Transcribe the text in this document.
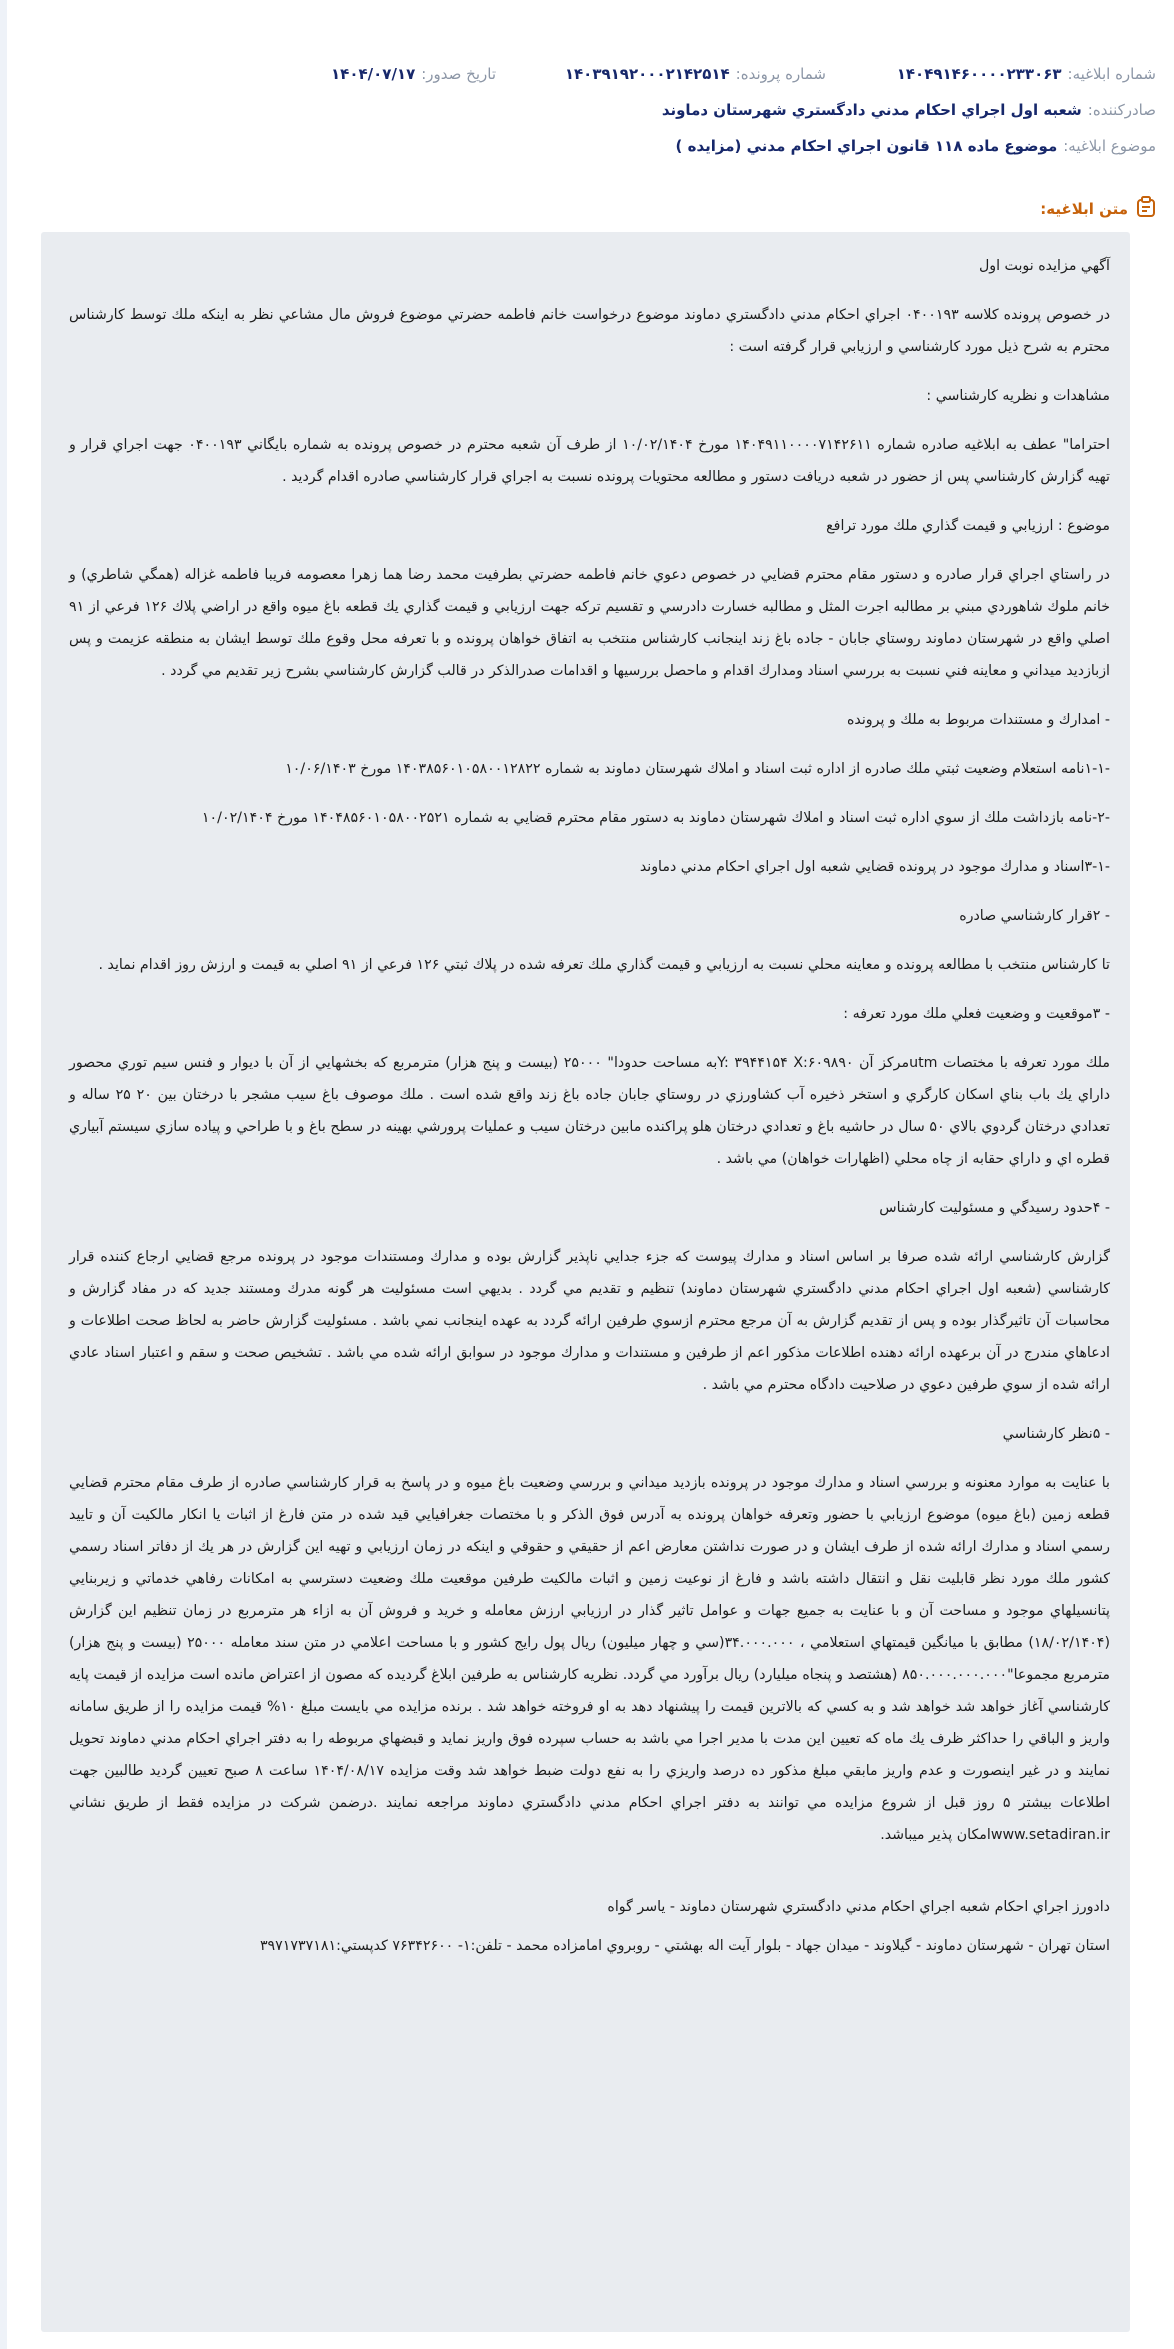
شماره ابلاغيه:
۱۴۰۴۹۱۴۶۰۰۰۰۲۳۳۰۶۳
شماره پرونده:
۱۴۰۳۹۱۹۲۰۰۰۲۱۴۲۵۱۴
تاريخ صدور:
۱۴۰۴/۰۷/۱۷
صادركننده:
شعبه اول اجراي احكام مدني دادگستري شهرستان دماوند
موضوع ابلاغيه:
موضوع ماده ۱۱۸ قانون اجراي احكام مدني (مزايده )
متن ابلاغيه:

آگهي مزايده نوبت اول

در خصوص پرونده كلاسه ۰۴۰۰۱۹۳ اجراي احكام مدني دادگستري دماوند موضوع درخواست خانم فاطمه حضرتي موضوع فروش مال مشاعي نظر به اينكه ملك توسط كارشناس محترم به شرح ذيل مورد كارشناسي و ارزيابي قرار گرفته است :

مشاهدات و نظريه كارشناسي :

احتراما" عطف به ابلاغيه صادره شماره ۱۴۰۴۹۱۱۰۰۰۰۷۱۴۲۶۱۱ مورخ ۱۰/۰۲/۱۴۰۴ از طرف آن شعبه محترم در خصوص پرونده به شماره بايگاني ۰۴۰۰۱۹۳ جهت اجراي قرار و تهيه گزارش كارشناسي پس از حضور در شعبه دريافت دستور و مطالعه محتويات پرونده نسبت به اجراي قرار كارشناسي صادره اقدام گرديد .

موضوع : ارزيابي و قيمت گذاري ملك مورد ترافع

در راستاي اجراي قرار صادره و دستور مقام محترم قضايي در خصوص دعوي خانم فاطمه حضرتي بطرفيت محمد رضا هما زهرا معصومه فريبا فاطمه غزاله (همگي شاطري) و خانم ملوك شاهوردي مبني بر مطالبه اجرت المثل و مطالبه خسارت دادرسي و تقسيم تركه جهت ارزيابي و قيمت گذاري يك قطعه باغ ميوه واقع در اراضي پلاك ۱۲۶ فرعي از ۹۱ اصلي واقع در شهرستان دماوند روستاي جابان - جاده باغ زند اينجانب كارشناس منتخب به اتفاق خواهان پرونده و با تعرفه محل وقوع ملك توسط ايشان به منطقه عزيمت و پس ازبازديد ميداني و معاينه فني نسبت به بررسي اسناد ومدارك اقدام و ماحصل بررسيها و اقدامات صدرالذكر در قالب گزارش كارشناسي بشرح زير تقديم مي گردد .

- امدارك و مستندات مربوط به ملك و پرونده

-۱-۱نامه استعلام وضعيت ثبتي ملك صادره از اداره ثبت اسناد و املاك شهرستان دماوند به شماره ۱۴۰۳۸۵۶۰۱۰۵۸۰۰۱۲۸۲۲ مورخ ۱۰/۰۶/۱۴۰۳

-۲-نامه بازداشت ملك از سوي اداره ثبت اسناد و املاك شهرستان دماوند به دستور مقام محترم قضايي به شماره ۱۴۰۴۸۵۶۰۱۰۵۸۰۰۲۵۲۱ مورخ ۱۰/۰۲/۱۴۰۴

-۳-۱اسناد و مدارك موجود در پرونده قضايي شعبه اول اجراي احكام مدني دماوند

- ۲قرار كارشناسي صادره

تا كارشناس منتخب با مطالعه پرونده و معاينه محلي نسبت به ارزيابي و قيمت گذاري ملك تعرفه شده در پلاك ثبتي ۱۲۶ فرعي از ۹۱ اصلي به قيمت و ارزش روز اقدام نمايد .

- ۳موقعيت و وضعيت فعلي ملك مورد تعرفه :

ملك مورد تعرفه با مختصات utmمركز آن Y: ۳۹۴۴۱۵۴ X:۶۰۹۸۹۰به مساحت حدودا" ۲۵۰۰۰ (بيست و پنج هزار) مترمربع كه بخشهايي از آن با ديوار و فنس سيم توري محصور داراي يك باب بناي اسكان كارگري و استخر ذخيره آب كشاورزي در روستاي جابان جاده باغ زند واقع شده است . ملك موصوف باغ سيب مشجر با درختان بين ۲۰ ۲۵ ساله و تعدادي درختان گردوي بالاي ۵۰ سال در حاشيه باغ و تعدادي درختان هلو پراكنده مابين درختان سيب و عمليات پرورشي بهينه در سطح باغ و با طراحي و پياده سازي سيستم آبياري قطره اي و داراي حقابه از چاه محلي (اظهارات خواهان) مي باشد .

- ۴حدود رسيدگي و مسئوليت كارشناس

گزارش كارشناسي ارائه شده صرفا بر اساس اسناد و مدارك پيوست كه جزء جدايي ناپذير گزارش بوده و مدارك ومستندات موجود در پرونده مرجع قضايي ارجاع كننده قرار كارشناسي (شعبه اول اجراي احكام مدني دادگستري شهرستان دماوند) تنظيم و تقديم مي گردد . بديهي است مسئوليت هر گونه مدرك ومستند جديد كه در مفاد گزارش و محاسبات آن تاثيرگذار بوده و پس از تقديم گزارش به آن مرجع محترم ازسوي طرفين ارائه گردد به عهده اينجانب نمي باشد . مسئوليت گزارش حاضر به لحاظ صحت اطلاعات و ادعاهاي مندرج در آن برعهده ارائه دهنده اطلاعات مذكور اعم از طرفين و مستندات و مدارك موجود در سوابق ارائه شده مي باشد . تشخيص صحت و سقم و اعتبار اسناد عادي ارائه شده از سوي طرفين دعوي در صلاحيت دادگاه محترم مي باشد .

- ۵نظر كارشناسي

با عنايت به موارد معنونه و بررسي اسناد و مدارك موجود در پرونده بازديد ميداني و بررسي وضعيت باغ ميوه و در پاسخ به قرار كارشناسي صادره از طرف مقام محترم قضايي قطعه زمين (باغ ميوه) موضوع ارزيابي با حضور وتعرفه خواهان پرونده به آدرس فوق الذكر و با مختصات جغرافيايي قيد شده در متن فارغ از اثبات يا انكار مالكيت آن و تاييد رسمي اسناد و مدارك ارائه شده از طرف ايشان و در صورت نداشتن معارض اعم از حقيقي و حقوقي و اينكه در زمان ارزيابي و تهيه اين گزارش در هر يك از دفاتر اسناد رسمي كشور ملك مورد نظر قابليت نقل و انتقال داشته باشد و فارغ از نوعيت زمين و اثبات مالكيت طرفين موقعيت ملك وضعيت دسترسي به امكانات رفاهي خدماتي و زيربنايي پتانسيلهاي موجود و مساحت آن و با عنايت به جميع جهات و عوامل تاثير گذار در ارزيابي ارزش معامله و خريد و فروش آن به ازاء هر مترمربع در زمان تنظيم اين گزارش (۱۸/۰۲/۱۴۰۴) مطابق با ميانگين قيمتهاي استعلامي ، ۳۴.۰۰۰.۰۰۰(سي و چهار ميليون) ريال پول رايج كشور و با مساحت اعلامي در متن سند معامله ۲۵۰۰۰ (بيست و پنج هزار) مترمربع مجموعا"۸۵۰.۰۰۰.۰۰۰.۰۰۰ (هشتصد و پنجاه ميليارد) ريال برآورد مي گردد. نظريه كارشناس به طرفين ابلاغ گرديده كه مصون از اعتراض مانده است مزايده از قيمت پايه كارشناسي آغاز خواهد شد خواهد شد و به كسي كه بالاترين قيمت را پيشنهاد دهد به او فروخته خواهد شد . برنده مزايده مي بايست مبلغ ۱۰% قيمت مزايده را از طريق سامانه واريز و الباقي را حداكثر ظرف يك ماه كه تعيين اين مدت با مدير اجرا مي باشد به حساب سپرده فوق واريز نمايد و قبضهاي مربوطه را به دفتر اجراي احكام مدني دماوند تحويل نمايند و در غير اينصورت و عدم واريز مابقي مبلغ مذكور ده درصد واريزي را به نفع دولت ضبط خواهد شد وقت مزايده ۱۴۰۴/۰۸/۱۷ ساعت ۸ صبح تعيين گرديد طالبين جهت اطلاعات بيشتر ۵ روز قبل از شروع مزايده مي توانند به دفتر اجراي احكام مدني دادگستري دماوند مراجعه نمايند .درضمن شركت در مزايده فقط از طريق نشاني www.setadiran.irامكان پذير ميباشد.

دادورز اجراي احكام شعبه اجراي احكام مدني دادگستري شهرستان دماوند - ياسر گواه

استان تهران - شهرستان دماوند - گيلاوند - ميدان جهاد - بلوار آيت اله بهشتي - روبروي امامزاده محمد - تلفن:۱- ۷۶۳۴۲۶۰۰ كدپستي:۳۹۷۱۷۳۷۱۸۱
